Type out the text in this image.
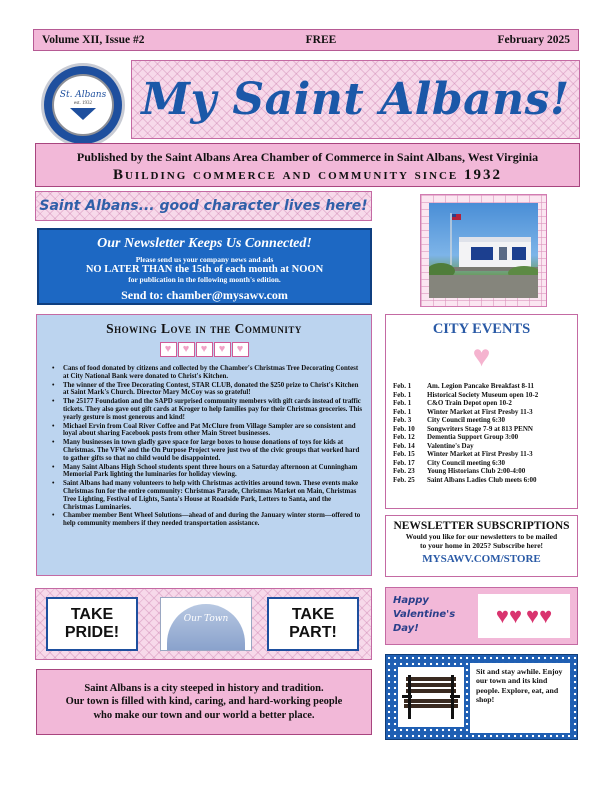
Volume XII, Issue #2	FREE	February 2025
St. Albans
est. 1932 My Saint Albans!
Published by the Saint Albans Area Chamber of Commerce in Saint Albans, West Virginia
Building commerce and community since 1932
Saint Albans... good character lives here!
Our Newsletter Keeps Us Connected!
Please send us your company news and ads
NO LATER THAN the 15th of each month at NOON
for publication in the following month's edition.
Send to: chamber@mysawv.com
Showing Love in the Community
♥	♥	♥	♥	♥
• Cans of food donated by citizens and collected by the Chamber's Christmas Tree Decorating Contest at City National Bank were donated to Christ's Kitchen.
• The winner of the Tree Decorating Contest, STAR CLUB, donated the $250 prize to Christ's Kitchen at Saint Mark's Church. Director Mary McCoy was so grateful!
• The 25177 Foundation and the SAPD surprised community members with gift cards instead of traffic tickets. They also gave out gift cards at Kroger to help families pay for their Christmas groceries. This yearly gesture is most generous and kind!
• Michael Ervin from Coal River Coffee and Pat McClure from Village Sampler are so consistent and loyal about sharing Facebook posts from other Main Street businesses.
• Many businesses in town gladly gave space for large boxes to house donations of toys for kids at Christmas. The VFW and the On Purpose Project were just two of the civic groups that worked hard to gather gifts so that no child would be disappointed.
• Many Saint Albans High School students spent three hours on a Saturday afternoon at Cunningham Memorial Park lighting the luminaries for holiday viewing.
• Saint Albans had many volunteers to help with Christmas activities around town. These events make Christmas fun for the entire community: Christmas Parade, Christmas Market on Main, Christmas Tree Lighting, Festival of Lights, Santa's House at Roadside Park, Letters to Santa, and the Christmas Luminaries.
• Chamber member Bent Wheel Solutions—ahead of and during the January winter storm—offered to help community members if they needed transportation assistance.
CITY EVENTS
♥
Feb. 1	Am. Legion Pancake Breakfast 8-11
Feb. 1	Historical Society Museum open 10-2
Feb. 1	C&O Train Depot open 10-2
Feb. 1	Winter Market at First Presby 11-3
Feb. 3	City Council meeting 6:30
Feb. 10	Songwriters Stage 7-9 at 813 PENN
Feb. 12	Dementia Support Group 3:00
Feb. 14	Valentine's Day
Feb. 15	Winter Market at First Presby 11-3
Feb. 17	City Council meeting 6:30
Feb. 23	Young Historians Club 2:00-4:00
Feb. 25	Saint Albans Ladies Club meets 6:00
NEWSLETTER SUBSCRIPTIONS
Would you like for our newsletters to be mailed
to your home in 2025? Subscribe here!
MYSAWV.COM/STORE
TAKE
PRIDE!
Our Town	TAKE
PART!
Happy Valentine's Day!
♥♥ ♥♥
Saint Albans is a city steeped in history and tradition.
Our town is filled with kind, caring, and hard-working people
who make our town and our world a better place.
Sit and stay awhile. Enjoy our town and its kind people. Explore, eat, and shop!
